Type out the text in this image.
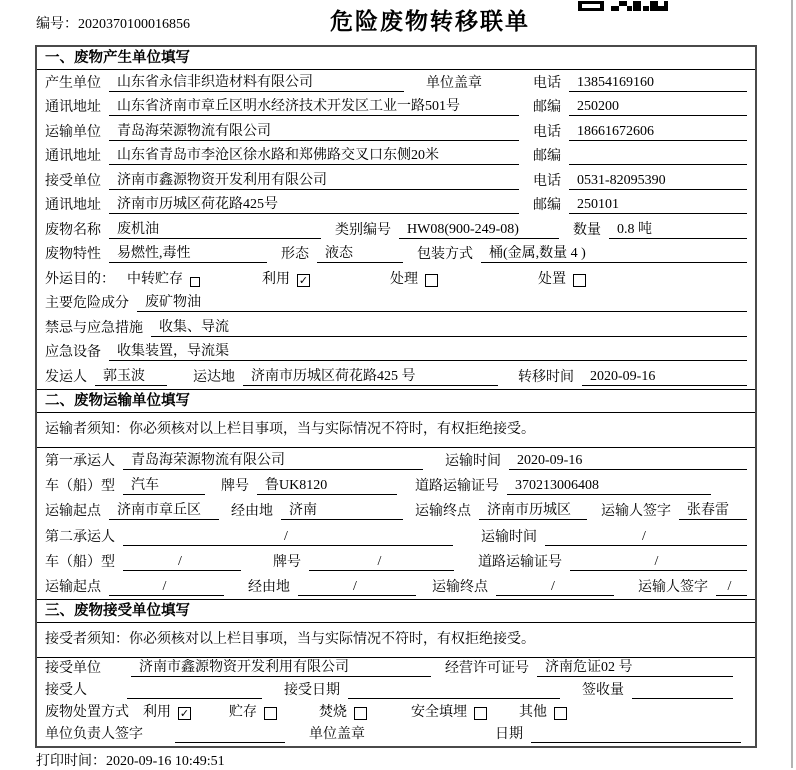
编号：2020370100016856	危险废物转移联单
一、废物产生单位填写
产生单位	山东省永信非织造材料有限公司	单位盖章	电话	13854169160
通讯地址	山东省济南市章丘区明水经济技术开发区工业一路501号	邮编	250200
运输单位	青岛海荣源物流有限公司	电话	18661672606
通讯地址	山东省青岛市李沧区徐水路和郑佛路交叉口东侧20米	邮编
接受单位	济南市鑫源物资开发利用有限公司	电话	0531-82095390
通讯地址	济南市历城区荷花路425号	邮编	250101
废物名称	废机油	类别编号	HW08(900-249-08)	数量	0.8 吨
废物特性	易燃性,毒性	形态	液态	包装方式	桶(金属,数量 4 )
外运目的： 中转贮存	利用 ✓	处理	处置
主要危险成分	废矿物油
禁忌与应急措施	收集、导流
应急设备	收集装置，导流渠
发运人	郭玉波	运达地	济南市历城区荷花路425 号	转移时间	2020-09-16
二、废物运输单位填写
运输者须知：你必须核对以上栏目事项，当与实际情况不符时，有权拒绝接受。
第一承运人	青岛海荣源物流有限公司	运输时间	2020-09-16
车（船）型	汽车	牌号	鲁UK8120	道路运输证号	370213006408
运输起点	济南市章丘区	经由地	济南	运输终点	济南市历城区	运输人签字	张春雷
第二承运人	/	运输时间	/
车（船）型	/	牌号	/	道路运输证号	/
运输起点	/	经由地	/	运输终点	/	运输人签字	/
三、废物接受单位填写
接受者须知：你必须核对以上栏目事项，当与实际情况不符时，有权拒绝接受。
接受单位	济南市鑫源物资开发利用有限公司	经营许可证号	济南危证02 号
接受人	接受日期	签收量
废物处置方式 利用 ✓	贮存	焚烧	安全填埋	其他
单位负责人签字	单位盖章	日期
打印时间：2020-09-16 10:49:51
